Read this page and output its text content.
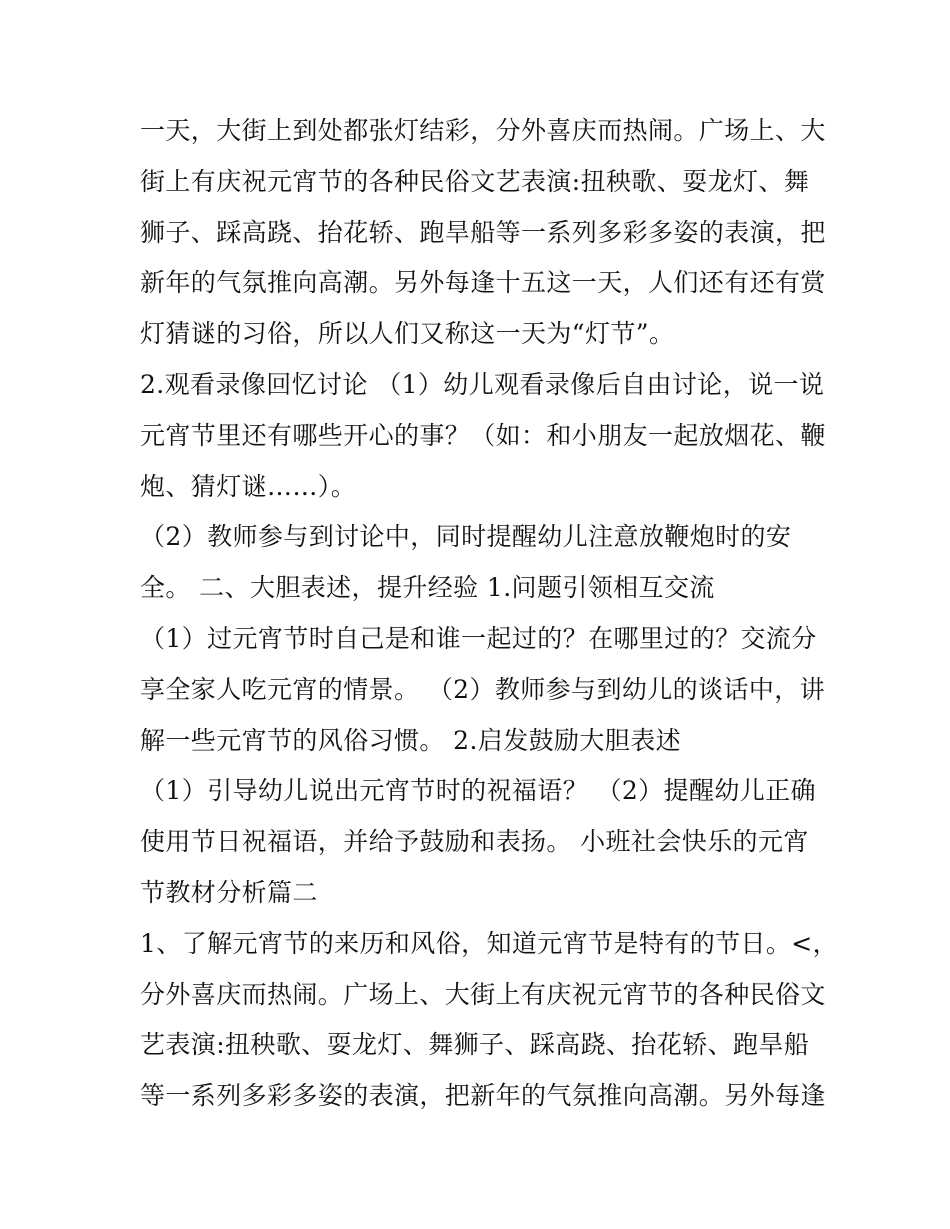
一天，大街上到处都张灯结彩，分外喜庆而热闹。广场上、大
街上有庆祝元宵节的各种民俗文艺表演:扭秧歌、耍龙灯、舞
狮子、踩高跷、抬花轿、跑旱船等一系列多彩多姿的表演，把
新年的气氛推向高潮。另外每逢十五这一天，人们还有还有赏
灯猜谜的习俗，所以人们又称这一天为“灯节”。
2.观看录像回忆讨论 （1）幼儿观看录像后自由讨论，说一说
元宵节里还有哪些开心的事？（如：和小朋友一起放烟花、鞭
炮、猜灯谜……）。
（2）教师参与到讨论中，同时提醒幼儿注意放鞭炮时的安
全。 二、大胆表述，提升经验 1.问题引领相互交流
（1）过元宵节时自己是和谁一起过的？在哪里过的？交流分
享全家人吃元宵的情景。 （2）教师参与到幼儿的谈话中，讲
解一些元宵节的风俗习惯。 2.启发鼓励大胆表述
（1）引导幼儿说出元宵节时的祝福语？ （2）提醒幼儿正确
使用节日祝福语，并给予鼓励和表扬。 小班社会快乐的元宵
节教材分析篇二
1、了解元宵节的来历和风俗，知道元宵节是特有的节日。<，
分外喜庆而热闹。广场上、大街上有庆祝元宵节的各种民俗文
艺表演:扭秧歌、耍龙灯、舞狮子、踩高跷、抬花轿、跑旱船
等一系列多彩多姿的表演，把新年的气氛推向高潮。另外每逢
